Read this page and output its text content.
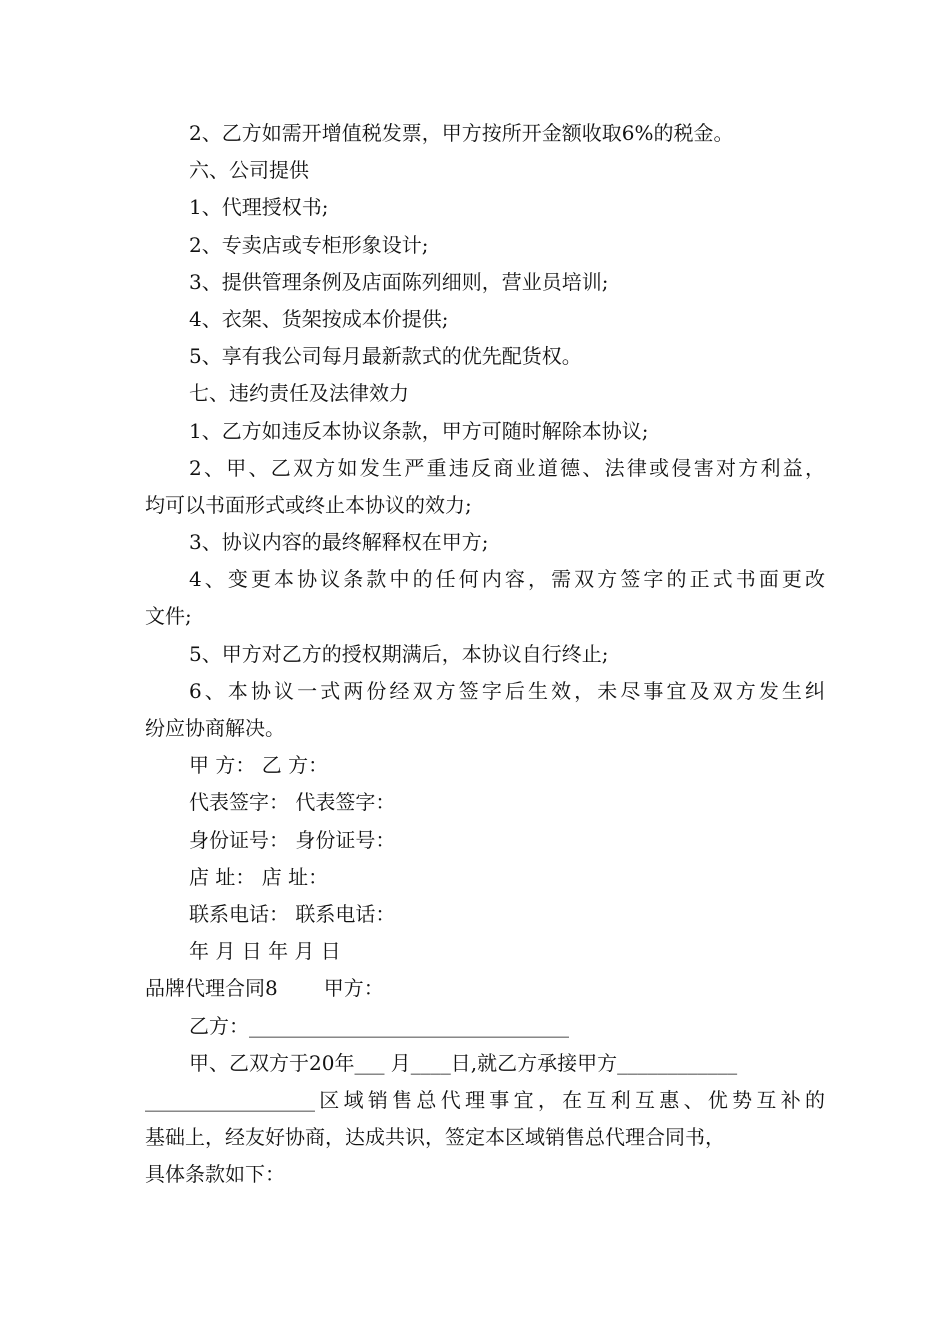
2、乙方如需开增值税发票，甲方按所开金额收取6%的税金。
六、公司提供
1、代理授权书;
2、专卖店或专柜形象设计;
3、提供管理条例及店面陈列细则，营业员培训;
4、衣架、货架按成本价提供;
5、享有我公司每月最新款式的优先配货权。
七、违约责任及法律效力
1、乙方如违反本协议条款，甲方可随时解除本协议;
2、甲、乙双方如发生严重违反商业道德、法律或侵害对方利益，
均可以书面形式或终止本协议的效力;
3、协议内容的最终解释权在甲方;
4、变更本协议条款中的任何内容，需双方签字的正式书面更改
文件;
5、甲方对乙方的授权期满后，本协议自行终止;
6、本协议一式两份经双方签字后生效，未尽事宜及双方发生纠
纷应协商解决。
甲 方： 乙 方：
代表签字： 代表签字：
身份证号： 身份证号：
店 址： 店 址：
联系电话： 联系电话：
年 月 日 年 月 日
品牌代理合同8 甲方：
乙方：________________________________
甲、乙双方于20年___ 月____日,就乙方承接甲方____________
_________________区域销售总代理事宜，在互利互惠、优势互补的
基础上，经友好协商，达成共识，签定本区域销售总代理合同书，
具体条款如下：
